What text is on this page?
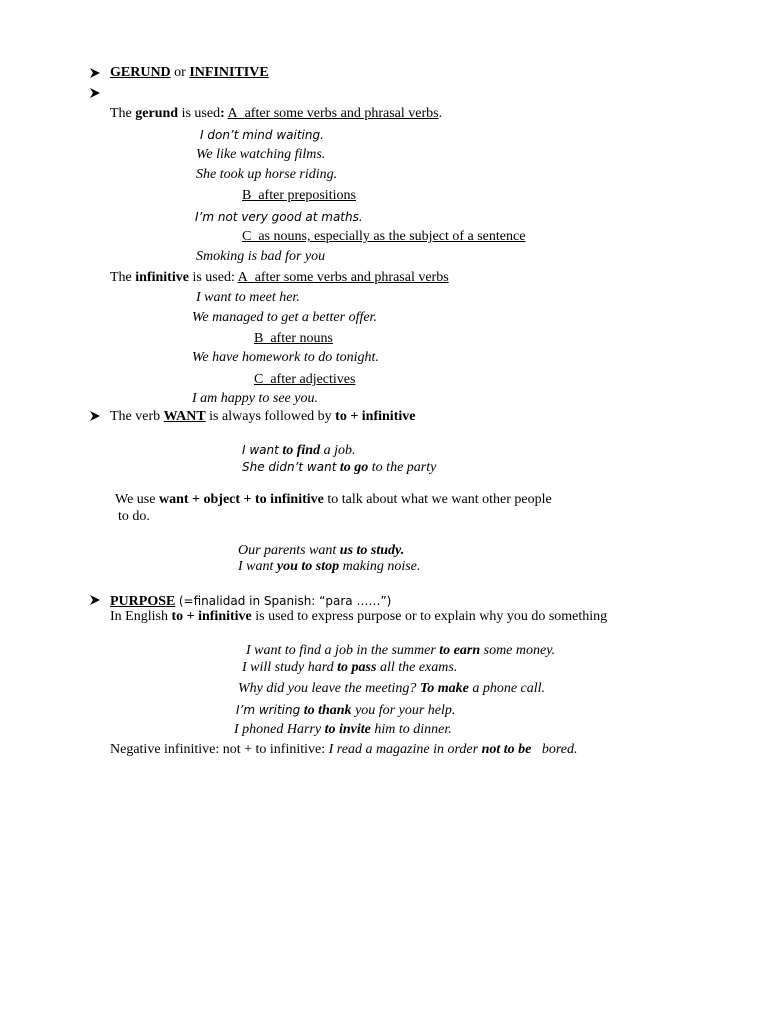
GERUND or INFINITIVE
The gerund is used: A after some verbs and phrasal verbs.
I don’t mind waiting.
We like watching films.
She took up horse riding.
B after prepositions
I’m not very good at maths.
C as nouns, especially as the subject of a sentence
Smoking is bad for you
The infinitive is used: A after some verbs and phrasal verbs
I want to meet her.
We managed to get a better offer.
B after nouns
We have homework to do tonight.
C after adjectives
I am happy to see you.
The verb WANT is always followed by to + infinitive
I want to find a job.
She didn’t want to go to the party
We use want + object + to infinitive to talk about what we want other people
to do.
Our parents want us to study.
I want you to stop making noise.
PURPOSE (=finalidad in Spanish: “para ……”)
In English to + infinitive is used to express purpose or to explain why you do something
I want to find a job in the summer to earn some money.
I will study hard to pass all the exams.
Why did you leave the meeting? To make a phone call.
I’m writing to thank you for your help.
I phoned Harry to invite him to dinner.
Negative infinitive: not + to infinitive: I read a magazine in order not to be bored.
